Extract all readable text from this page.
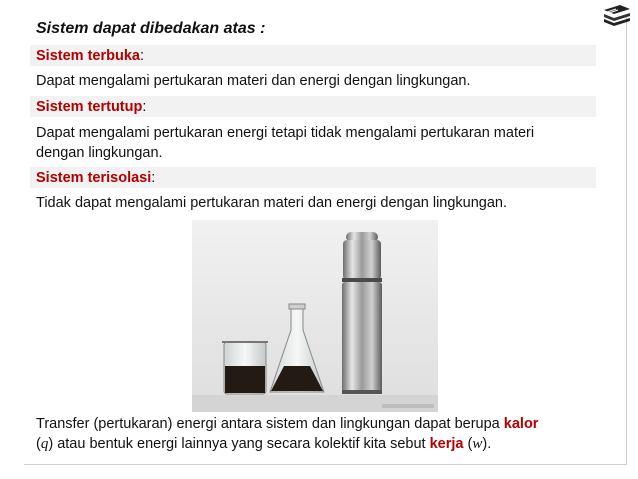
Sistem dapat dibedakan atas :
Sistem terbuka:
Dapat mengalami pertukaran materi dan energi dengan lingkungan.
Sistem tertutup:
Dapat mengalami pertukaran energi tetapi tidak mengalami pertukaran materi
dengan lingkungan.
Sistem terisolasi:
Tidak dapat mengalami pertukaran materi dan energi dengan lingkungan.
Transfer (pertukaran) energi antara sistem dan lingkungan dapat berupa kalor
(q) atau bentuk energi lainnya yang secara kolektif kita sebut kerja (w).
